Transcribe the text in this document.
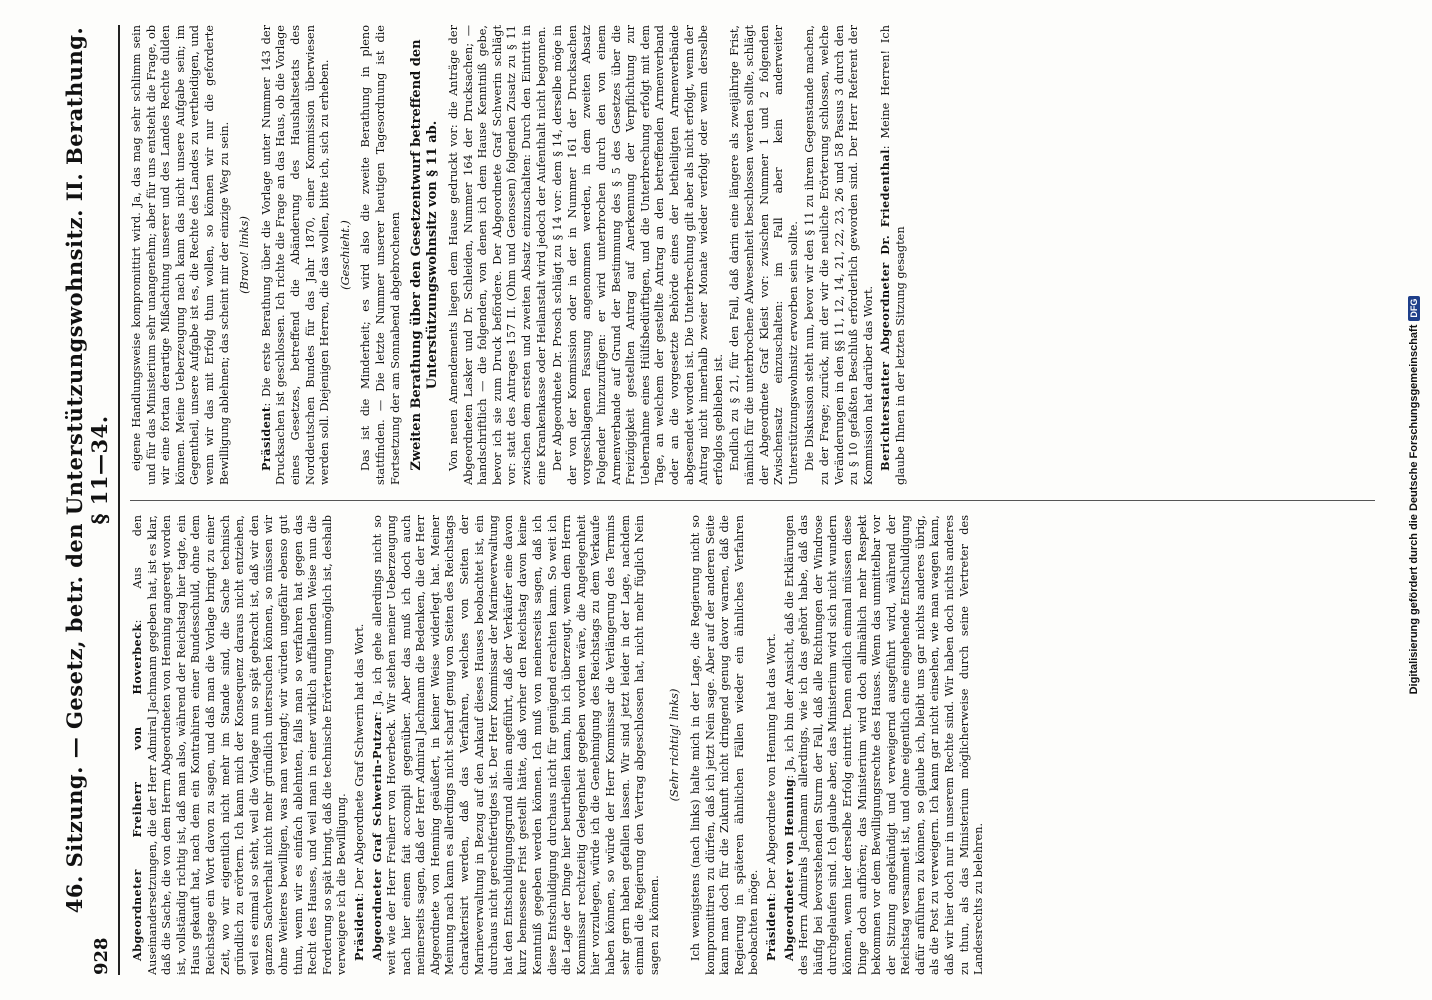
928
46. Sitzung. — Gesetz, betr. den Unterstützungswohnsitz. II. Berathung. § 11—34.

Abgeordneter Freiherr von Hoverbeck: Aus den Auseinandersetzungen, die der Herr Admiral Jachmann gegeben hat, ist es klar, daß die Sache, die von dem Herrn Abgeordneten von Henning angeregt worden ist, vollständig richtig ist, daß man also, während der Reichstag hier tagte, ein Haus gekauft hat, nach dem ein Kontrahiren einer Bundesschuld, ohne dem Reichstage ein Wort davon zu sagen, und daß man die Vorlage bringt zu einer Zeit, wo wir eigentlich nicht mehr im Stande sind, die Sache technisch gründlich zu erörtern. Ich kann mich der Konsequenz daraus nicht entziehen, weil es einmal so steht, weil die Vorlage nun so spät gebracht ist, daß wir den ganzen Sachverhalt nicht mehr gründlich untersuchen können, so müssen wir ohne Weiteres bewilligen, was man verlangt; wir würden ungefähr ebenso gut thun, wenn wir es einfach ablehnten, falls man so verfahren hat gegen das Recht des Hauses, und weil man in einer wirklich auffallenden Weise nun die Forderung so spät bringt, daß die technische Erörterung unmöglich ist, deshalb verweigere ich die Bewilligung. Präsident: Der Abgeordnete Graf Schwerin hat das Wort. Abgeordneter Graf Schwerin-Putzar: Ja, ich gehe allerdings nicht so weit wie der Herr Freiherr von Hoverbeck. Wir stehen meiner Ueberzeugung nach hier einem fait accompli gegenüber. Aber das muß ich doch auch meinerseits sagen, daß der Herr Admiral Jachmann die Bedenken, die der Herr Abgeordnete von Henning geäußert, in keiner Weise widerlegt hat. Meiner Meinung nach kann es allerdings nicht scharf genug von Seiten des Reichstags charakterisirt werden, daß das Verfahren, welches von Seiten der Marineverwaltung in Bezug auf den Ankauf dieses Hauses beobachtet ist, ein durchaus nicht gerechtfertigtes ist. Der Herr Kommissar der Marineverwaltung hat den Entschuldigungsgrund allein angeführt, daß der Verkäufer eine davon kurz bemessene Frist gestellt hätte, daß vorher den Reichstag davon keine Kenntniß gegeben werden können. Ich muß von meinerseits sagen, daß ich diese Entschuldigung durchaus nicht für genügend erachten kann. So weit ich die Lage der Dinge hier beurtheilen kann, bin ich überzeugt, wenn dem Herrn Kommissar rechtzeitig Gelegenheit gegeben worden wäre, die Angelegenheit hier vorzulegen, würde ich die Genehmigung des Reichstags zu dem Verkaufe haben können, so würde der Herr Kommissar die Verlängerung des Termins sehr gern haben gefallen lassen. Wir sind jetzt leider in der Lage, nachdem einmal die Regierung den Vertrag abgeschlossen hat, nicht mehr füglich Nein sagen zu können.

(Sehr richtig! links) Ich wenigstens (nach links) halte mich in der Lage, die Regierung nicht so kompromittiren zu dürfen, daß ich jetzt Nein sage. Aber auf der anderen Seite kann man doch für die Zukunft nicht dringend genug davor warnen, daß die Regierung in späteren ähnlichen Fällen wieder ein ähnliches Verfahren beobachten möge. Präsident: Der Abgeordnete von Henning hat das Wort. Abgeordneter von Henning: Ja, ich bin der Ansicht, daß die Erklärungen des Herrn Admirals Jachmann allerdings, wie ich das gehört habe, daß das häufig bei bevorstehenden Sturm der Fall, daß alle Richtungen der Windrose durchgelaufen sind. Ich glaube aber, das Ministerium wird sich nicht wundern können, wenn hier derselbe Erfolg eintritt. Denn endlich einmal müssen diese Dinge doch aufhören; das Ministerium wird doch allmählich mehr Respekt bekommen vor dem Bewilligungsrechte des Hauses. Wenn das unmittelbar vor der Sitzung angekündigt und verweigernd ausgeführt wird, während der Reichstag versammelt ist, und ohne eigentlich eine eingehende Entschuldigung dafür anführen zu können, so glaube ich, bleibt uns gar nichts anderes übrig, als die Post zu verweigern. Ich kann gar nicht einsehen, wie man wagen kann, daß wir hier doch nur in unserem Rechte sind. Wir haben doch nichts anderes zu thun, als das Ministerium möglicherweise durch seine Vertreter des Landesrechts zu belehren.

eigene Handlungsweise kompromittirt wird. Ja, das mag sehr schlimm sein und für das Ministerium sehr unangenehm; aber für uns entsteht die Frage, ob wir eine fortan derartige Mißachtung unserer und des Landes Rechte dulden können. Meine Ueberzeugung nach kann das nicht unsere Aufgabe sein; im Gegentheil, unsere Aufgabe ist es, die Rechte des Landes zu vertheidigen, und wenn wir das mit Erfolg thun wollen, so können wir nur die geforderte Bewilligung ablehnen; das scheint mir der einzige Weg zu sein. (Bravo! links)

Präsident: Die erste Berathung über die Vorlage unter Nummer 143 der Drucksachen ist geschlossen. Ich richte die Frage an das Haus, ob die Vorlage eines Gesetzes, betreffend die Abänderung des Haushaltsetats des Norddeutschen Bundes für das Jahr 1870, einer Kommission überwiesen werden soll. Diejenigen Herren, die das wollen, bitte ich, sich zu erheben. (Geschieht.) Das ist die Minderheit; es wird also die zweite Berathung in pleno stattfinden. — Die letzte Nummer unserer heutigen Tagesordnung ist die Fortsetzung der am Sonnabend abgebrochenen Zweiten Berathung über den Gesetzentwurf betreffend den Unterstützungswohnsitz von § 11 ab. Von neuen Amendements liegen dem Hause gedruckt vor: die Anträge der Abgeordneten Lasker und Dr. Schleiden, Nummer 164 der Drucksachen; — handschriftlich — die folgenden, von denen ich dem Hause Kenntniß gebe, bevor ich sie zum Druck befördere. Der Abgeordnete Graf Schwerin schlägt vor: statt des Antrages 157 II. (Ohm und Genossen) folgenden Zusatz zu § 11 zwischen dem ersten und zweiten Absatz einzuschalten: Durch den Eintritt in eine Krankenkasse oder Heilanstalt wird jedoch der Aufenthalt nicht begonnen. Der Abgeordnete Dr. Prosch schlägt zu § 14 vor: dem § 14, derselbe möge in der von der Kommission oder in der in Nummer 161 der Drucksachen vorgeschlagenen Fassung angenommen werden, in dem zweiten Absatz Folgender hinzuzufügen: er wird unterbrochen durch den von einem Armenverbande auf Grund der Bestimmung des § 5 des Gesetzes über die Freizügigkeit gestellten Antrag auf Anerkennung der Verpflichtung zur Uebernahme eines Hülfsbedürftigen, und die Unterbrechung erfolgt mit dem Tage, an welchem der gestellte Antrag an den betreffenden Armenverband oder an die vorgesetzte Behörde eines der betheiligten Armenverbände abgesendet worden ist. Die Unterbrechung gilt aber als nicht erfolgt, wenn der Antrag nicht innerhalb zweier Monate wieder verfolgt oder wenn derselbe erfolglos geblieben ist. Endlich zu § 21, für den Fall, daß darin eine längere als zweijährige Frist, nämlich für die unterbrochene Abwesenheit beschlossen werden sollte, schlägt der Abgeordnete Graf Kleist vor: zwischen Nummer 1 und 2 folgenden Zwischensatz einzuschalten: im Fall aber kein anderweiter Unterstützungswohnsitz erworben sein sollte. Die Diskussion steht nun, bevor wir den § 11 zu ihrem Gegenstande machen, zu der Frage; zurück, mit der wir die neuliche Erörterung schlossen, welche Veränderungen in den §§ 11, 12, 14, 21, 22, 23, 26 und 58 Passus 3 durch den zu § 10 gefaßten Beschluß erforderlich geworden sind. Der Herr Referent der Kommission hat darüber das Wort. Berichterstatter Abgeordneter Dr. Friedenthal: Meine Herren! Ich glaube Ihnen in der letzten Sitzung gesagten	Digitalisierung gefördert durch die Deutsche Forschungsgemeinschaft
DFG
